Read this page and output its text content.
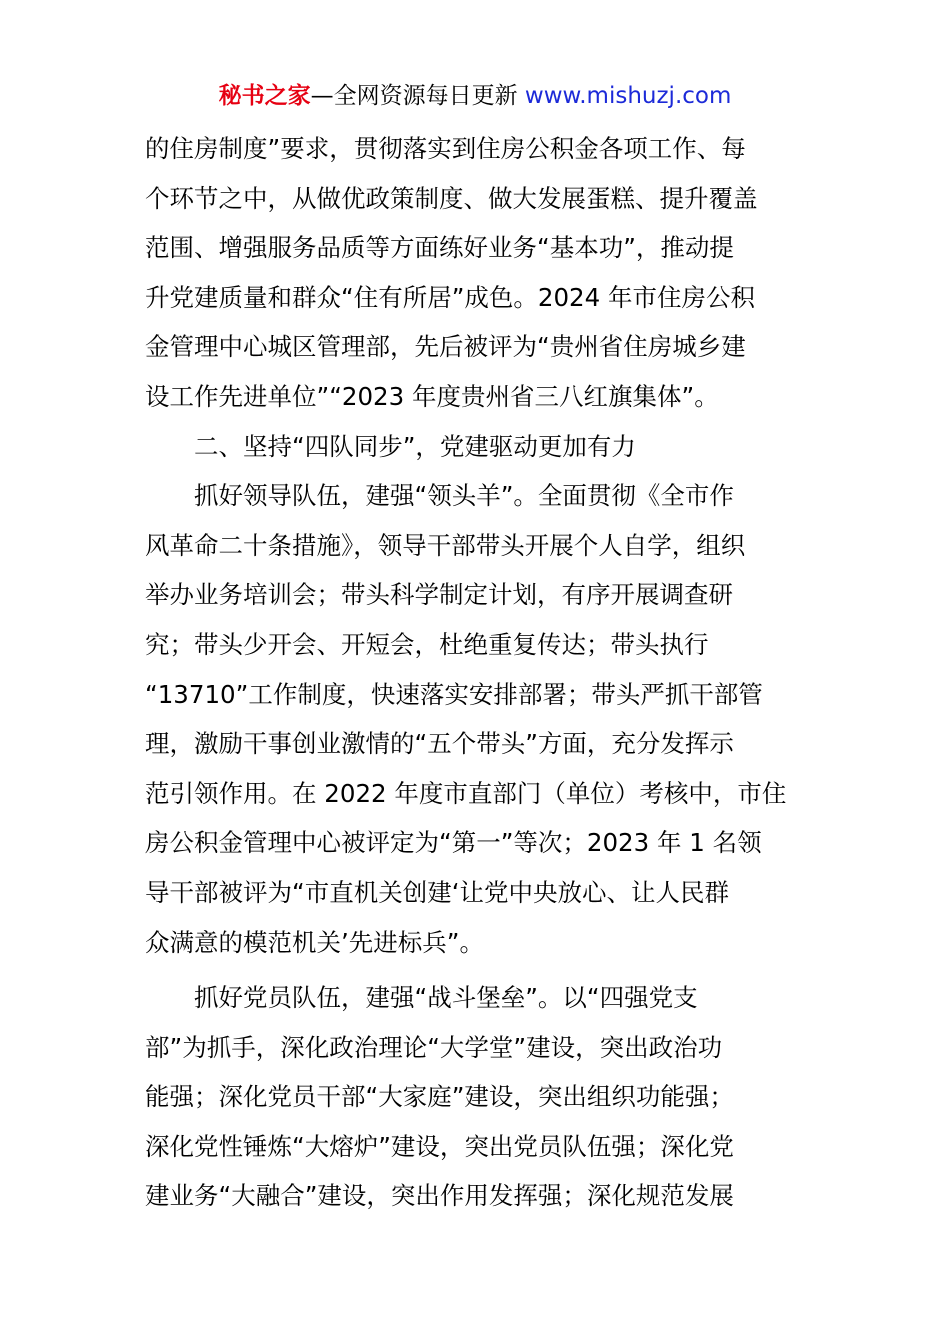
秘书之家—全网资源每日更新 www.mishuzj.com
的住房制度”要求，贯彻落实到住房公积金各项工作、每
个环节之中，从做优政策制度、做大发展蛋糕、提升覆盖
范围、增强服务品质等方面练好业务“基本功”，推动提
升党建质量和群众“住有所居”成色。2024 年市住房公积
金管理中心城区管理部，先后被评为“贵州省住房城乡建
设工作先进单位”“2023 年度贵州省三八红旗集体”。
二、坚持“四队同步”，党建驱动更加有力
抓好领导队伍，建强“领头羊”。全面贯彻《全市作
风革命二十条措施》，领导干部带头开展个人自学，组织
举办业务培训会；带头科学制定计划，有序开展调查研
究；带头少开会、开短会，杜绝重复传达；带头执行
“13710”工作制度，快速落实安排部署；带头严抓干部管
理，激励干事创业激情的“五个带头”方面，充分发挥示
范引领作用。在 2022 年度市直部门（单位）考核中，市住
房公积金管理中心被评定为“第一”等次；2023 年 1 名领
导干部被评为“市直机关创建‘让党中央放心、让人民群
众满意的模范机关’先进标兵”。
抓好党员队伍，建强“战斗堡垒”。以“四强党支
部”为抓手，深化政治理论“大学堂”建设，突出政治功
能强；深化党员干部“大家庭”建设，突出组织功能强；
深化党性锤炼“大熔炉”建设，突出党员队伍强；深化党
建业务“大融合”建设，突出作用发挥强；深化规范发展
